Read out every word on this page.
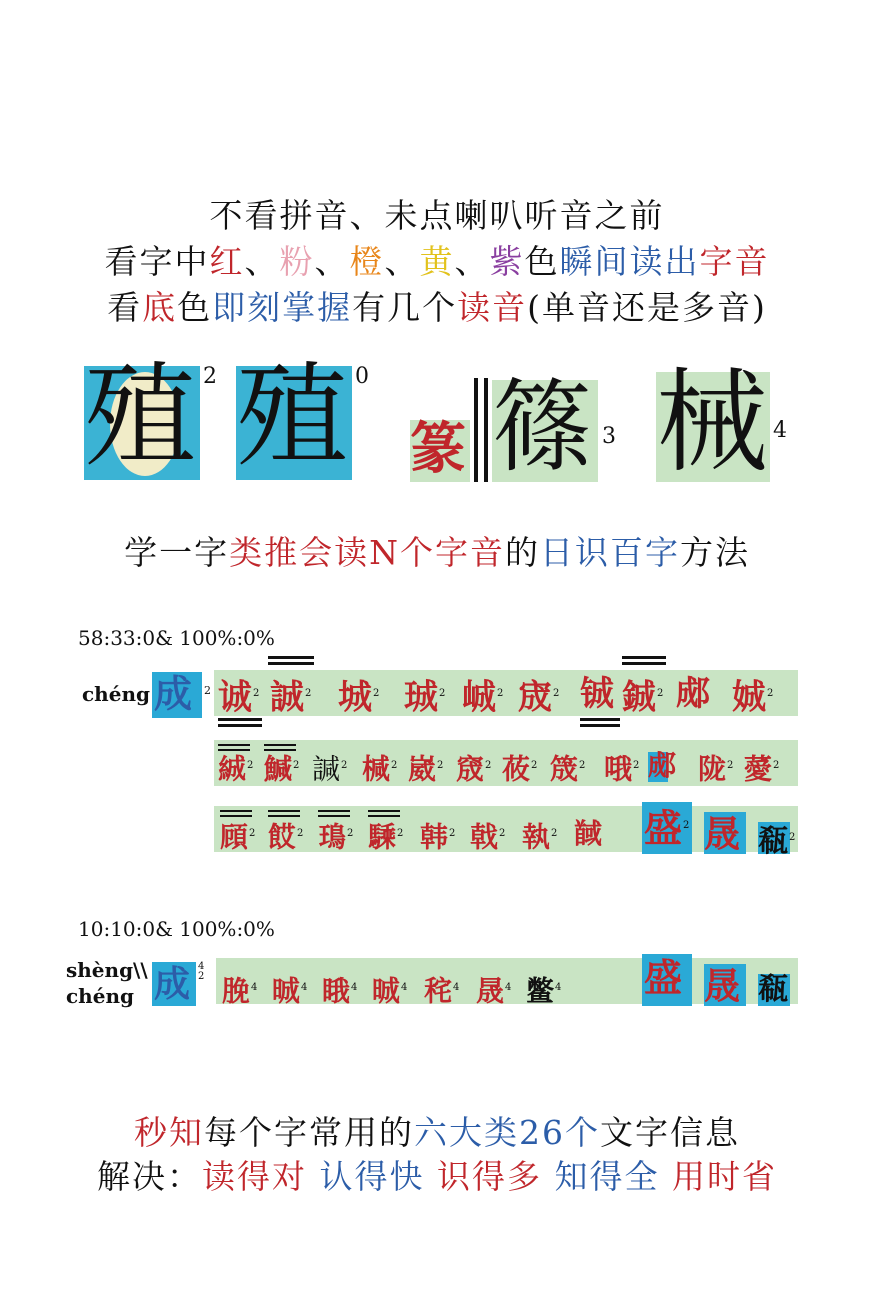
不看拼音、未点喇叭听音之前
看字中红、粉、橙、黄、紫色瞬间读出字音
看底色即刻掌握有几个读音(单音还是多音)
殖 2 殖 0
篆 篠 3 械 4
学一字类推会读N个字音的日识百字方法
58:33:0& 100%:0%
chéng 成 2 诚$^2$ 誠$^2$ 城$^2$ 珹$^2$ 峸$^2$ 宬$^2$ 铖 鋮$^2$ 郕 娍$^2$
絾$^2$ 鰔$^2$ 諴$^2$ 椷$^2$ 崴$^2$ 窚$^2$ 莜$^2$ 筬$^2$ 哦$^2$ 郕 陇$^2$ 薆$^2$
頋$^2$ 餀$^2$ 鳿$^2$ 騬$^2$ 韩$^2$ 戟$^2$ 執$^2$ 馘 盛$^2$ 晟 瓻$^2$
10:10:0& 100%:0%
shèng\\
chéng 成 4
2 脕$^4$ 晠$^4$ 睋$^4$ 晠$^4$ 秺$^4$ 晟$^4$ 鳖$^4$ 盛 晟 瓻
秒知每个字常用的六大类26个文字信息
解决：读得对 认得快 识得多 知得全 用时省
